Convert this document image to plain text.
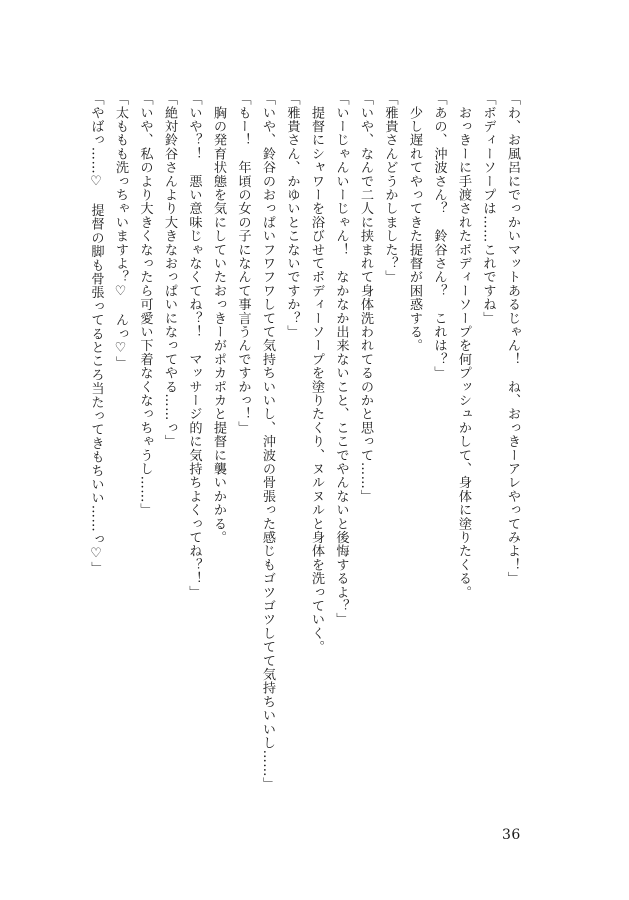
「わ、お風呂にでっかいマットあるじゃん！　ね、おっきーアレやってみよ！」

「ボディーソープは……これですね」

　おっきーに手渡されたボディーソープを何プッシュかして、身体に塗りたくる。

「あの、沖波さん？　鈴谷さん？　これは？」

　少し遅れてやってきた提督が困惑する。

「雅貴さんどうかしました？」

「いや、なんで二人に挟まれて身体洗われてるのかと思って……」

「いーじゃんいーじゃん！　なかなか出来ないこと、ここでやんないと後悔するよ？」

　提督にシャワーを浴びせてボディーソープを塗りたくり、ヌルヌルと身体を洗っていく。

「雅貴さん、かゆいとこないですか？」

「いや、鈴谷のおっぱいフワフワしてて気持ちいいし、沖波の骨張った感じもゴツゴツしてて気持ちいいし……」

「もー！　年頃の女の子になんて事言うんですかっ！」

　胸の発育状態を気にしていたおっきーがポカポカと提督に襲いかかる。

「いや？！　悪い意味じゃなくてね？！　マッサージ的に気持ちよくってね？！」

「絶対鈴谷さんより大きなおっぱいになってやる……っ」

「いや、私のより大きくなったら可愛い下着なくなっちゃうし……」

「太ももも洗っちゃいますよ？♡　んっ♡」

「やばっ……♡　提督の脚も骨張ってるところ当たってきもちいい……っ♡」

36
